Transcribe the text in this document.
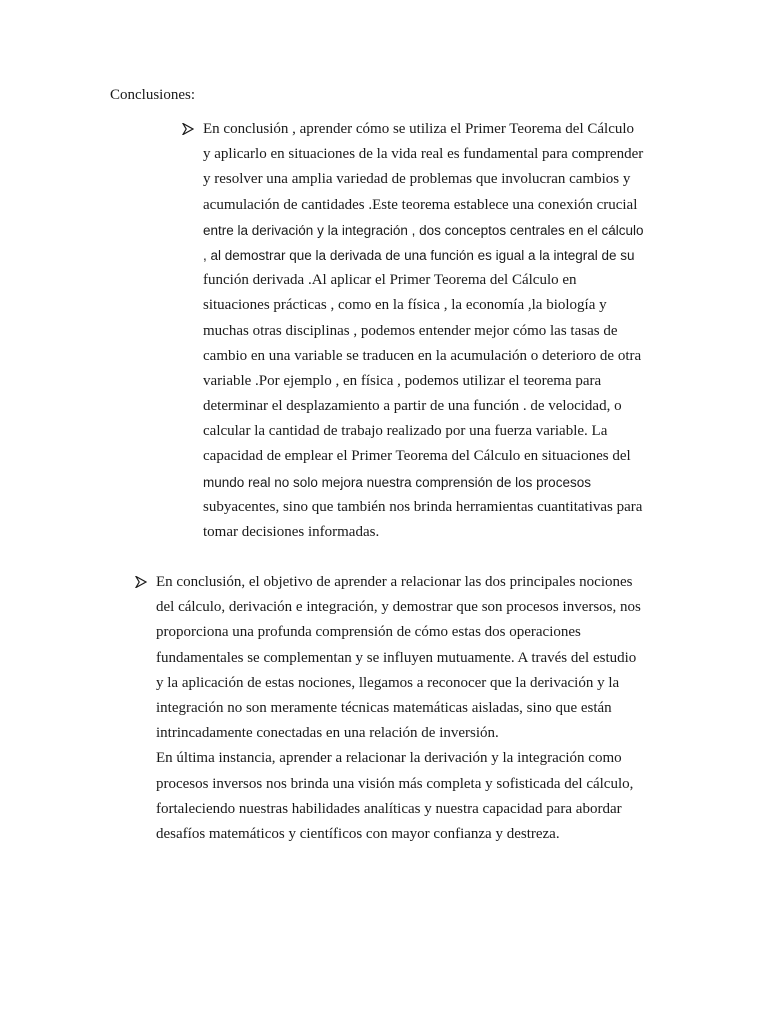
Conclusiones:
En conclusión , aprender cómo se utiliza el Primer Teorema del Cálculo
y aplicarlo en situaciones de la vida real es fundamental para comprender
y resolver una amplia variedad de problemas que involucran cambios y
acumulación de cantidades .Este teorema establece una conexión crucial
entre la derivación y la integración , dos conceptos centrales en el cálculo
, al demostrar que la derivada de una función es igual a la integral de su
función derivada .Al aplicar el Primer Teorema del Cálculo en
situaciones prácticas , como en la física , la economía ,la biología y
muchas otras disciplinas , podemos entender mejor cómo las tasas de
cambio en una variable se traducen en la acumulación o deterioro de otra
variable .Por ejemplo , en física , podemos utilizar el teorema para
determinar el desplazamiento a partir de una función . de velocidad, o
calcular la cantidad de trabajo realizado por una fuerza variable. La
capacidad de emplear el Primer Teorema del Cálculo en situaciones del
mundo real no solo mejora nuestra comprensión de los procesos
subyacentes, sino que también nos brinda herramientas cuantitativas para
tomar decisiones informadas.
En conclusión, el objetivo de aprender a relacionar las dos principales nociones
del cálculo, derivación e integración, y demostrar que son procesos inversos, nos
proporciona una profunda comprensión de cómo estas dos operaciones
fundamentales se complementan y se influyen mutuamente. A través del estudio
y la aplicación de estas nociones, llegamos a reconocer que la derivación y la
integración no son meramente técnicas matemáticas aisladas, sino que están
intrincadamente conectadas en una relación de inversión.
En última instancia, aprender a relacionar la derivación y la integración como
procesos inversos nos brinda una visión más completa y sofisticada del cálculo,
fortaleciendo nuestras habilidades analíticas y nuestra capacidad para abordar
desafíos matemáticos y científicos con mayor confianza y destreza.
